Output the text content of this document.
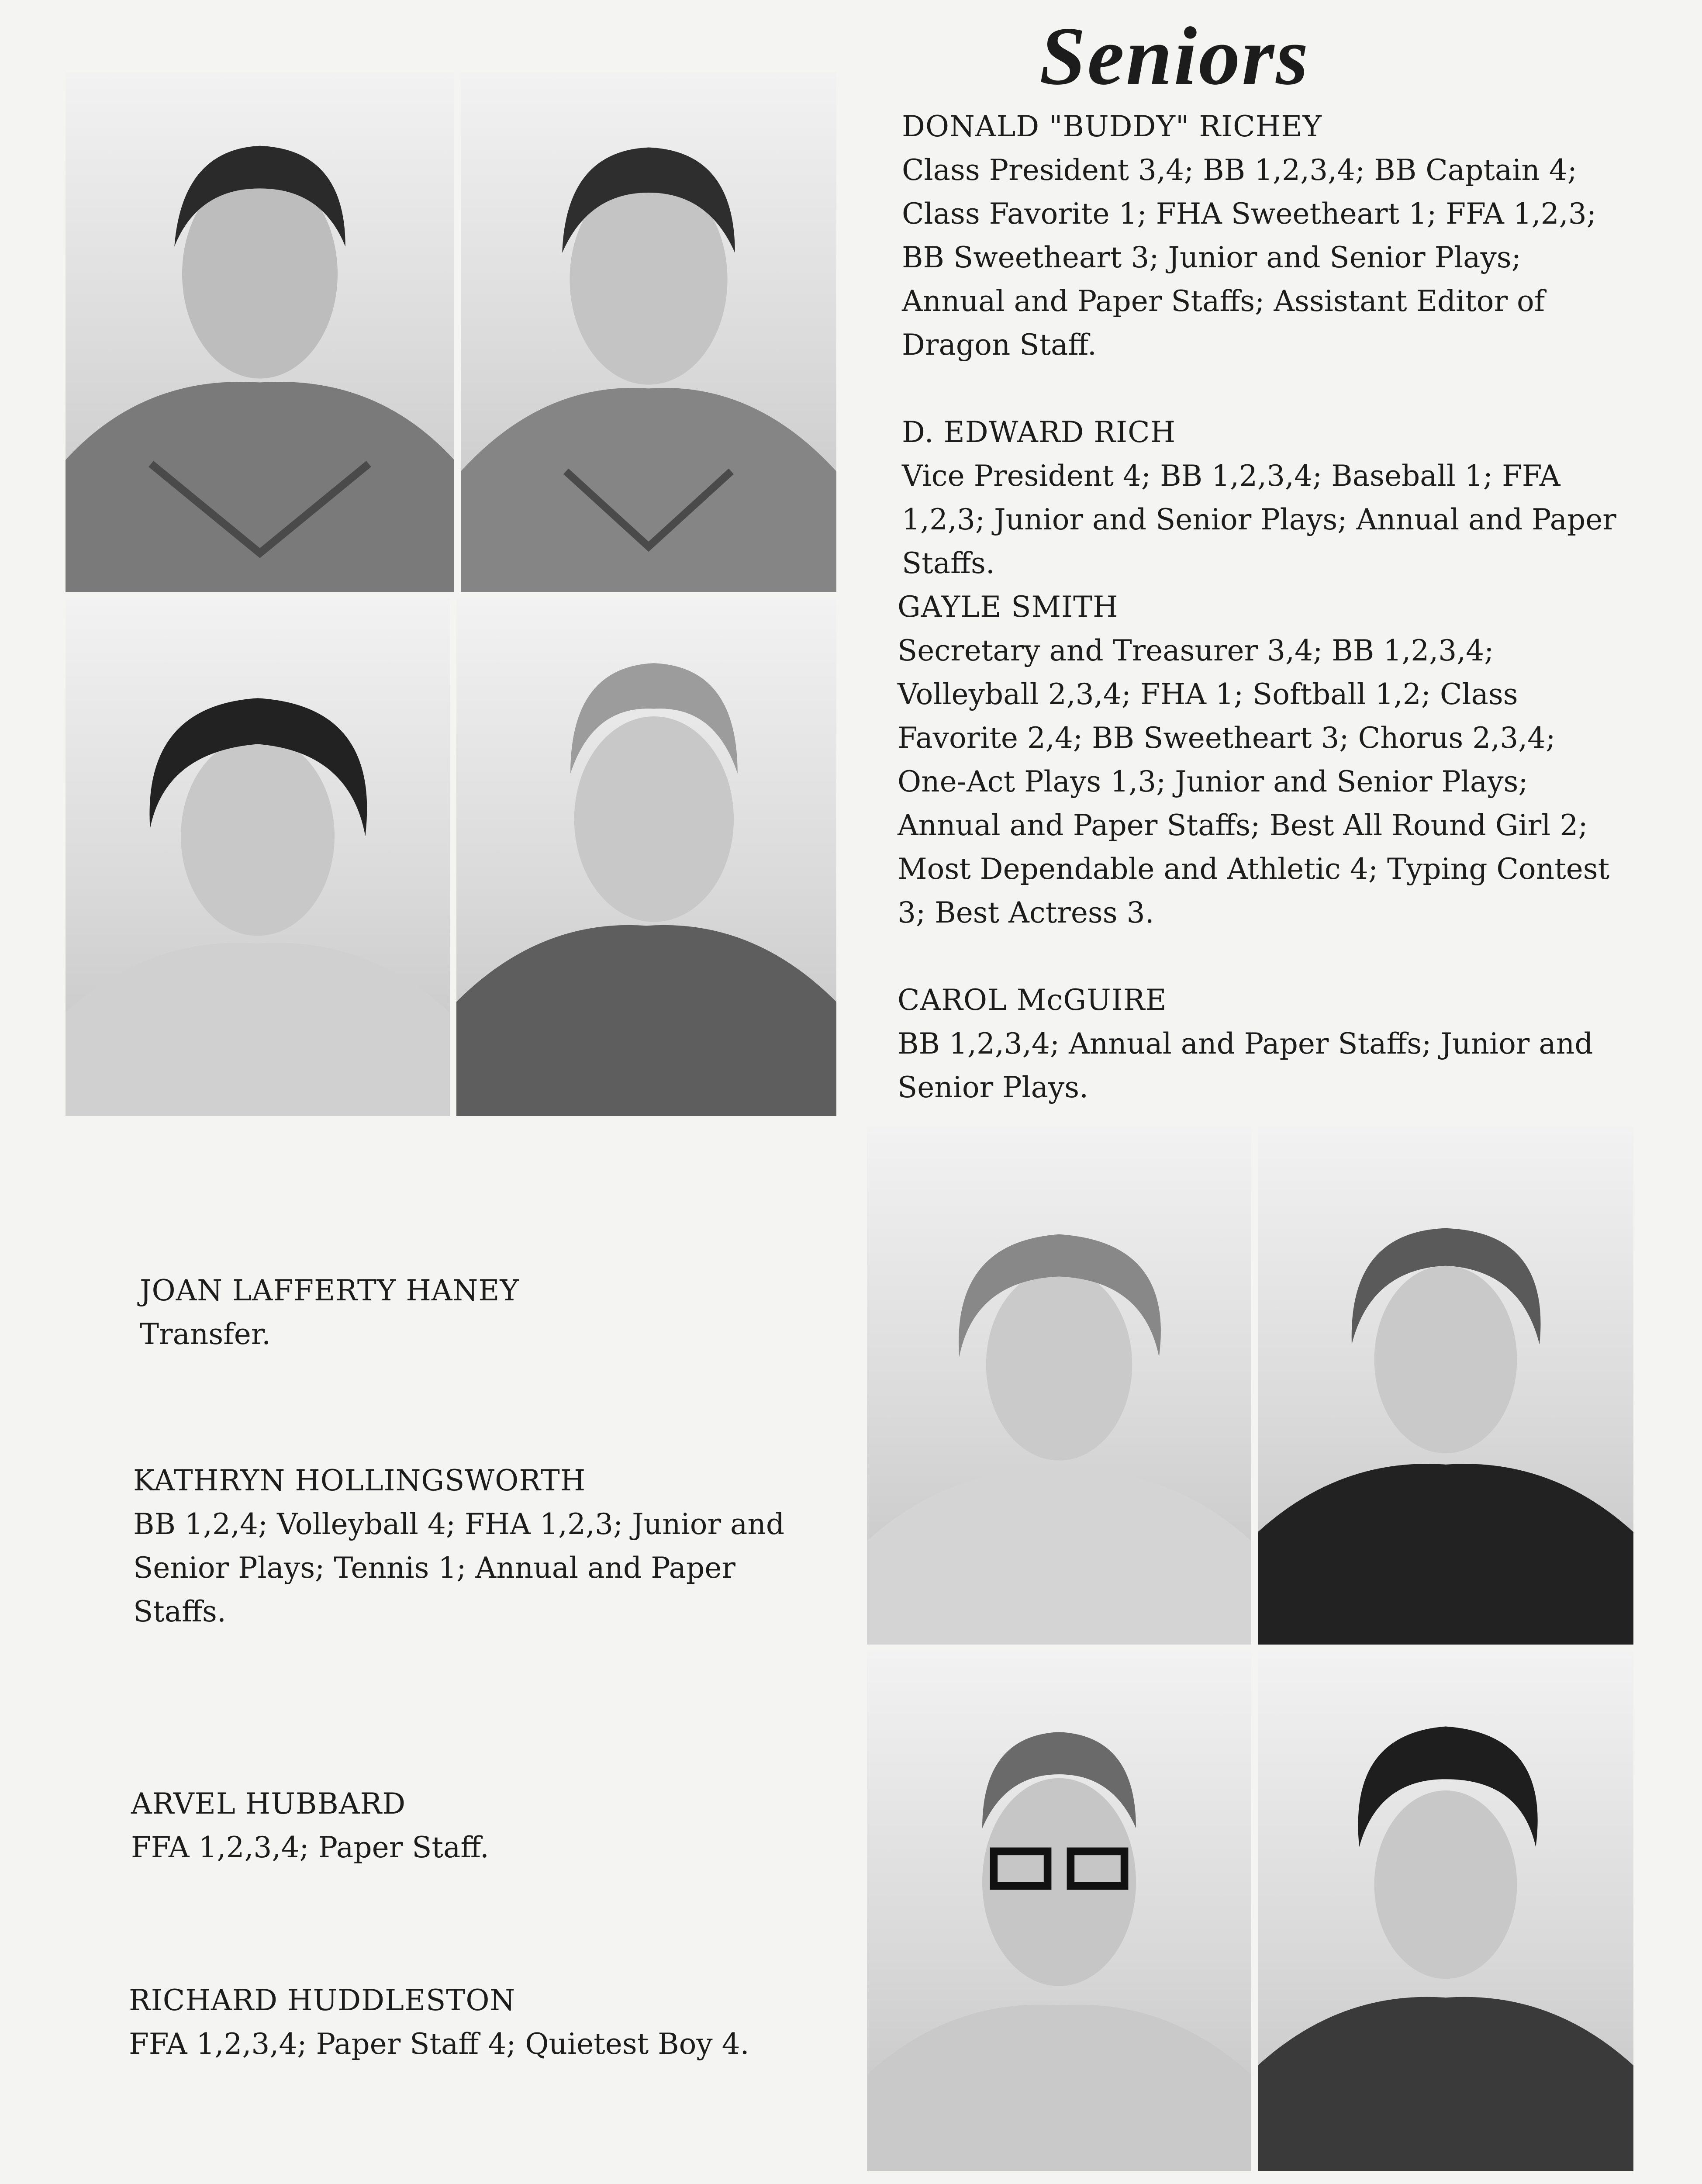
Seniors
DONALD "BUDDY" RICHEY
Class President 3,4; BB 1,2,3,4; BB Captain 4; Class Favorite 1; FHA Sweetheart 1; FFA 1,2,3; BB Sweetheart 3; Junior and Senior Plays; Annual and Paper Staffs; Assistant Editor of Dragon Staff.
D. EDWARD RICH
Vice President 4; BB 1,2,3,4; Baseball 1; FFA 1,2,3; Junior and Senior Plays; Annual and Paper Staffs.
GAYLE SMITH
Secretary and Treasurer 3,4; BB 1,2,3,4; Volleyball 2,3,4; FHA 1; Softball 1,2; Class Favorite 2,4; BB Sweetheart 3; Chorus 2,3,4; One-Act Plays 1,3; Junior and Senior Plays; Annual and Paper Staffs; Best All Round Girl 2; Most Dependable and Athletic 4; Typing Contest 3; Best Actress 3.
CAROL McGUIRE
BB 1,2,3,4; Annual and Paper Staffs; Junior and Senior Plays.
JOAN LAFFERTY HANEY
Transfer.
KATHRYN HOLLINGSWORTH
BB 1,2,4; Volleyball 4; FHA 1,2,3; Junior and Senior Plays; Tennis 1; Annual and Paper Staffs.
ARVEL HUBBARD
FFA 1,2,3,4; Paper Staff.
RICHARD HUDDLESTON
FFA 1,2,3,4; Paper Staff 4; Quietest Boy 4.
